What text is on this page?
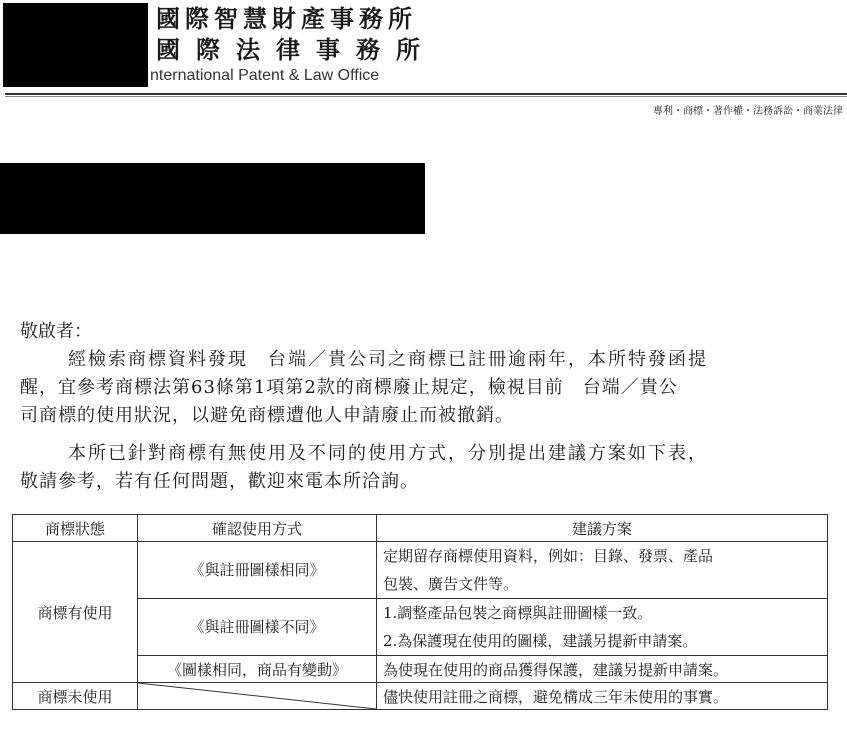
國際智慧財產事務所
國際法律事務所
nternational Patent & Law Office
專利・商標・著作權・法務訴訟・商業法律
敬啟者：
經檢索商標資料發現　台端／貴公司之商標已註冊逾兩年，本所特發函提
醒，宜參考商標法第63條第1項第2款的商標廢止規定，檢視目前　台端／貴公
司商標的使用狀況，以避免商標遭他人申請廢止而被撤銷。
本所已針對商標有無使用及不同的使用方式，分別提出建議方案如下表，
敬請參考，若有任何問題，歡迎來電本所洽詢。
商標狀態	確認使用方式	建議方案
商標有使用	《與註冊圖樣相同》	定期留存商標使用資料，例如：目錄、發票、產品
包裝、廣告文件等。

	《與註冊圖樣不同》	1.調整產品包裝之商標與註冊圖樣一致。
2.為保護現在使用的圖樣，建議另提新申請案。

	《圖樣相同，商品有變動》	為使現在使用的商品獲得保護，建議另提新申請案。
商標未使用		儘快使用註冊之商標，避免構成三年未使用的事實。
